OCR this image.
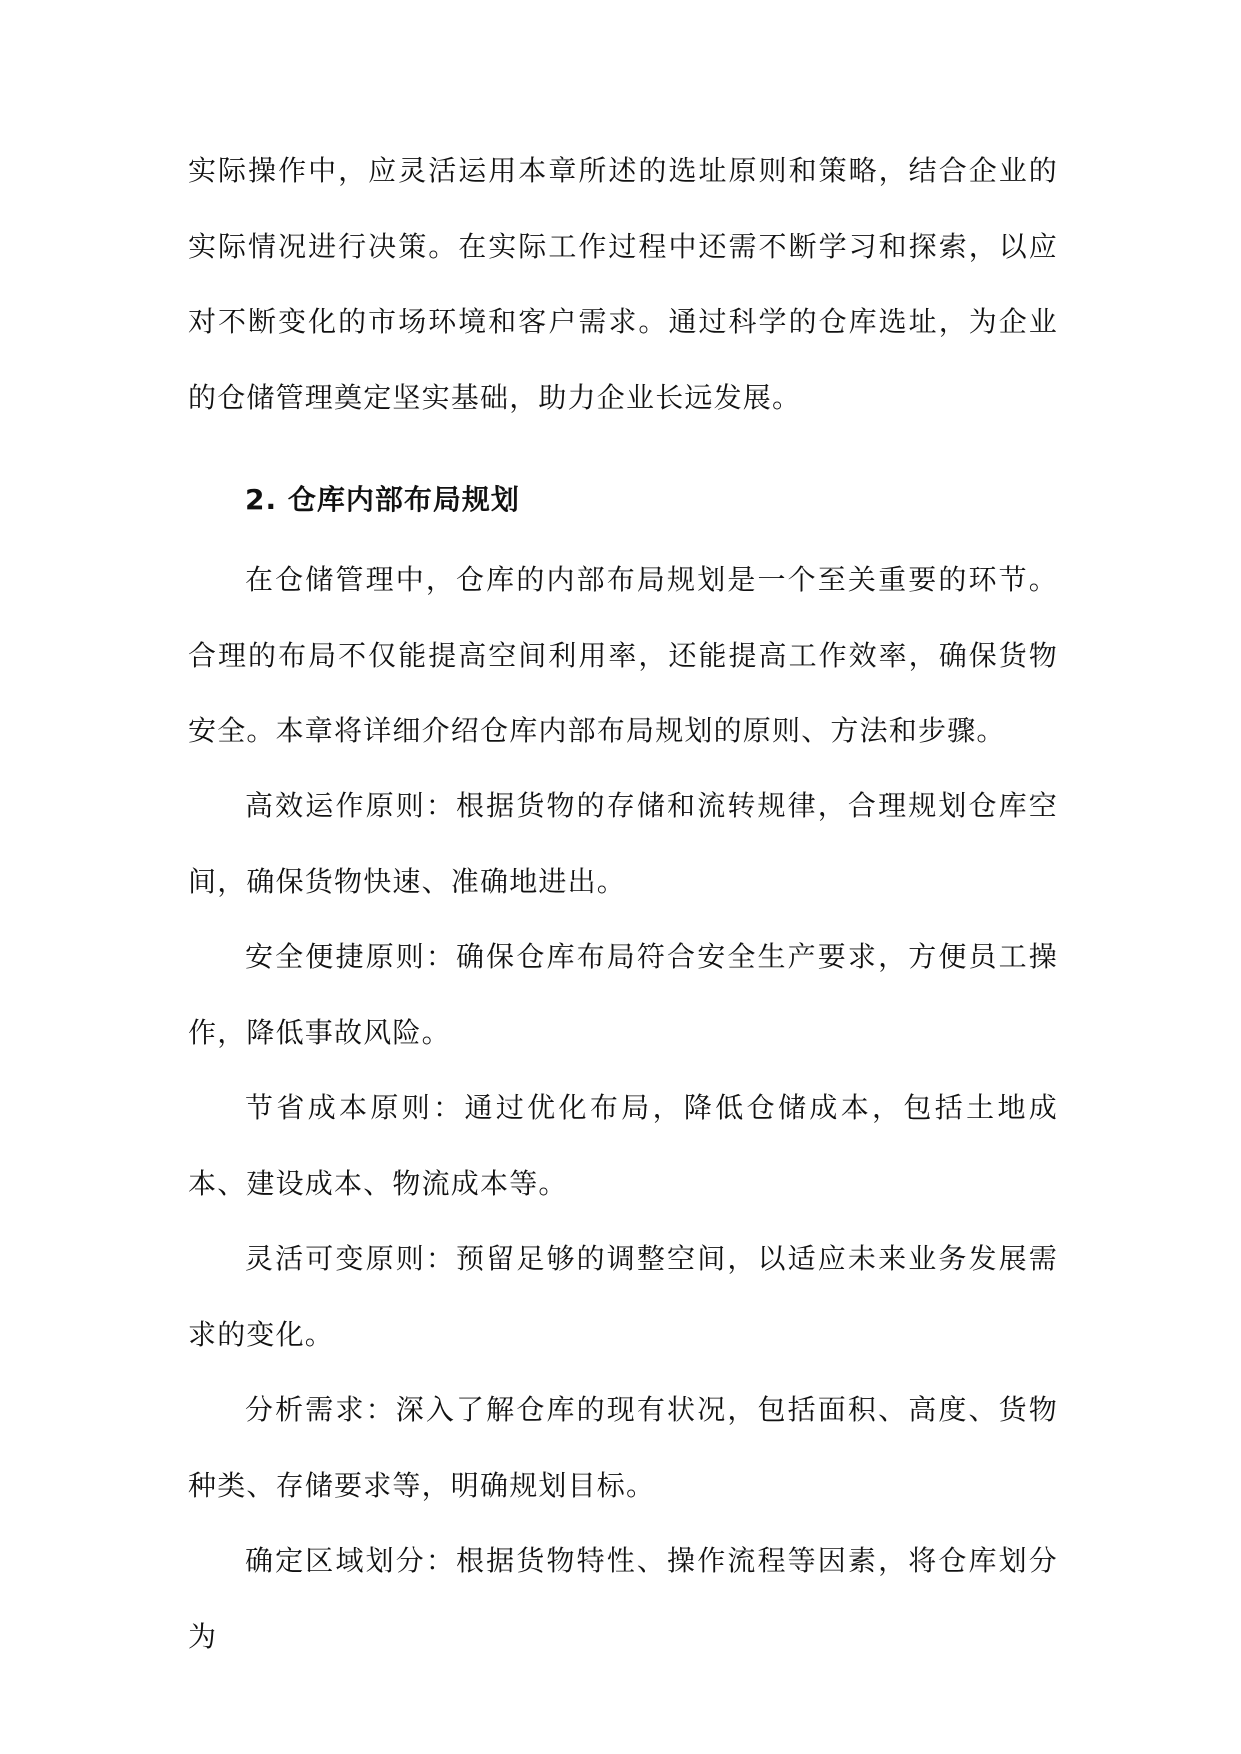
实际操作中，应灵活运用本章所述的选址原则和策略，结合企业的实际情况进行决策。在实际工作过程中还需不断学习和探索，以应对不断变化的市场环境和客户需求。通过科学的仓库选址，为企业的仓储管理奠定坚实基础，助力企业长远发展。

2. 仓库内部布局规划

在仓储管理中，仓库的内部布局规划是一个至关重要的环节。合理的布局不仅能提高空间利用率，还能提高工作效率，确保货物安全。本章将详细介绍仓库内部布局规划的原则、方法和步骤。

高效运作原则：根据货物的存储和流转规律，合理规划仓库空间，确保货物快速、准确地进出。

安全便捷原则：确保仓库布局符合安全生产要求，方便员工操作，降低事故风险。

节省成本原则：通过优化布局，降低仓储成本，包括土地成本、建设成本、物流成本等。

灵活可变原则：预留足够的调整空间，以适应未来业务发展需求的变化。

分析需求：深入了解仓库的现有状况，包括面积、高度、货物种类、存储要求等，明确规划目标。

确定区域划分：根据货物特性、操作流程等因素，将仓库划分为
